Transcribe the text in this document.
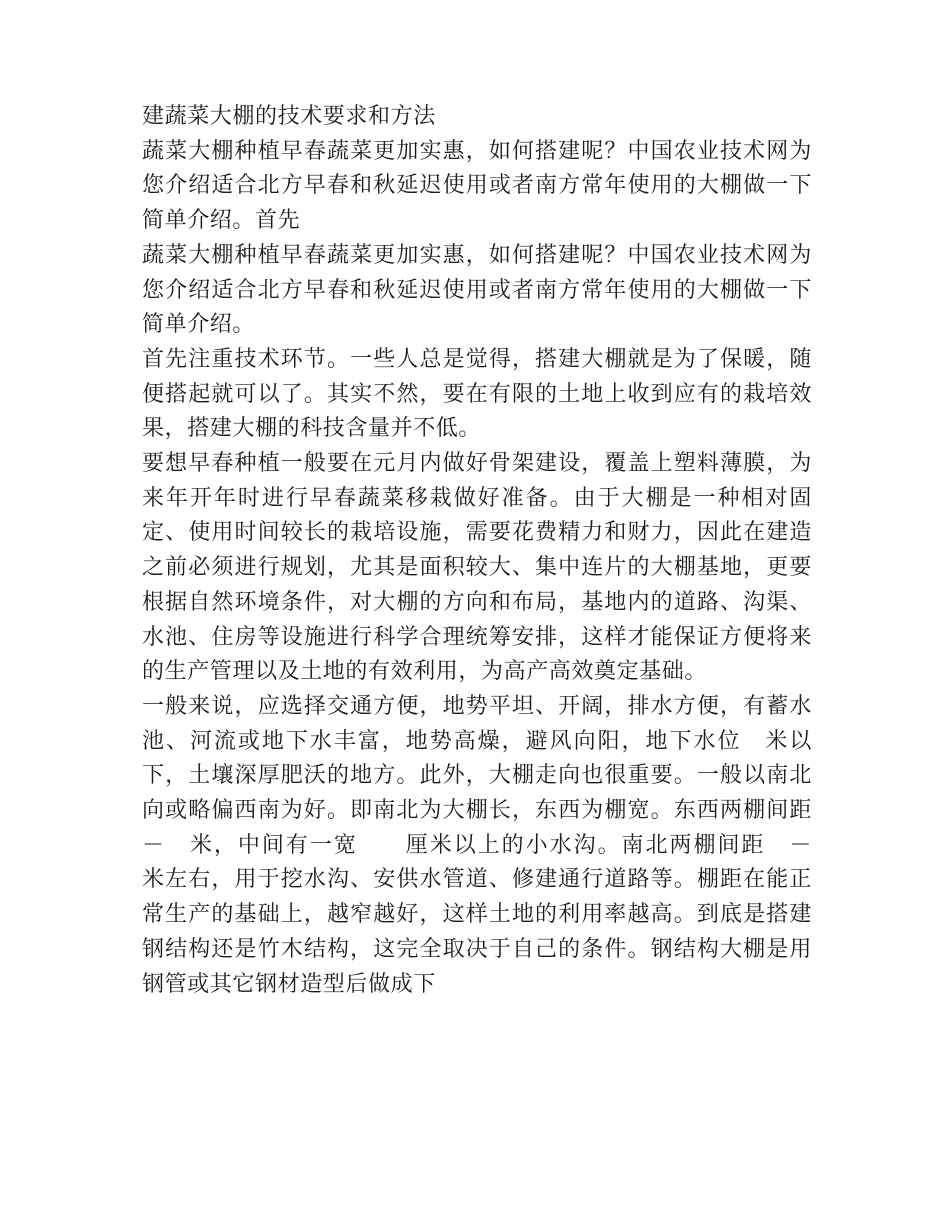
建蔬菜大棚的技术要求和方法

蔬菜大棚种植早春蔬菜更加实惠，如何搭建呢？中国农业技术网为您介绍适合北方早春和秋延迟使用或者南方常年使用的大棚做一下简单介绍。首先

蔬菜大棚种植早春蔬菜更加实惠，如何搭建呢？中国农业技术网为您介绍适合北方早春和秋延迟使用或者南方常年使用的大棚做一下简单介绍。

首先注重技术环节。一些人总是觉得，搭建大棚就是为了保暖，随便搭起就可以了。其实不然，要在有限的土地上收到应有的栽培效果，搭建大棚的科技含量并不低。

要想早春种植一般要在元月内做好骨架建设，覆盖上塑料薄膜，为来年开年时进行早春蔬菜移栽做好准备。由于大棚是一种相对固定、使用时间较长的栽培设施，需要花费精力和财力，因此在建造之前必须进行规划，尤其是面积较大、集中连片的大棚基地，更要根据自然环境条件，对大棚的方向和布局，基地内的道路、沟渠、水池、住房等设施进行科学合理统筹安排，这样才能保证方便将来的生产管理以及土地的有效利用，为高产高效奠定基础。

一般来说，应选择交通方便，地势平坦、开阔，排水方便，有蓄水池、河流或地下水丰富，地势高燥，避风向阳，地下水位　米以下，土壤深厚肥沃的地方。此外，大棚走向也很重要。一般以南北向或略偏西南为好。即南北为大棚长，东西为棚宽。东西两棚间距　　－　米，中间有一宽　　厘米以上的小水沟。南北两棚间距　－　米左右，用于挖水沟、安供水管道、修建通行道路等。棚距在能正常生产的基础上，越窄越好，这样土地的利用率越高。到底是搭建钢结构还是竹木结构，这完全取决于自己的条件。钢结构大棚是用钢管或其它钢材造型后做成下
